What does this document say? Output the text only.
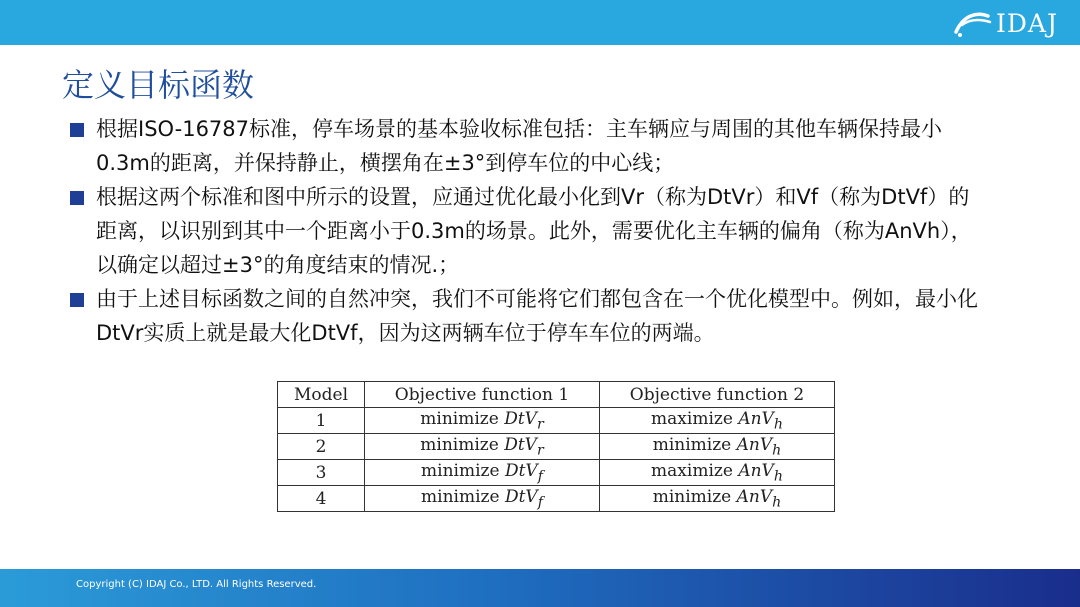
IDAJ
定义目标函数
根据ISO-16787标准，停车场景的基本验收标准包括：主车辆应与周围的其他车辆保持最小0.3m的距离，并保持静止，横摆角在±3°到停车位的中心线；
根据这两个标准和图中所示的设置，应通过优化最小化到Vr（称为DtVr）和Vf（称为DtVf）的距离，以识别到其中一个距离小于0.3m的场景。此外，需要优化主车辆的偏角（称为AnVh），以确定以超过±3°的角度结束的情况.；
由于上述目标函数之间的自然冲突，我们不可能将它们都包含在一个优化模型中。例如，最小化DtVr实质上就是最大化DtVf，因为这两辆车位于停车车位的两端。
Model	Objective function 1	Objective function 2
1	minimize DtV$_r$	maximize AnV$_h$
2	minimize DtV$_r$	minimize AnV$_h$
3	minimize DtV$_f$	maximize AnV$_h$
4	minimize DtV$_f$	minimize AnV$_h$
Copyright (C) IDAJ Co., LTD. All Rights Reserved.
